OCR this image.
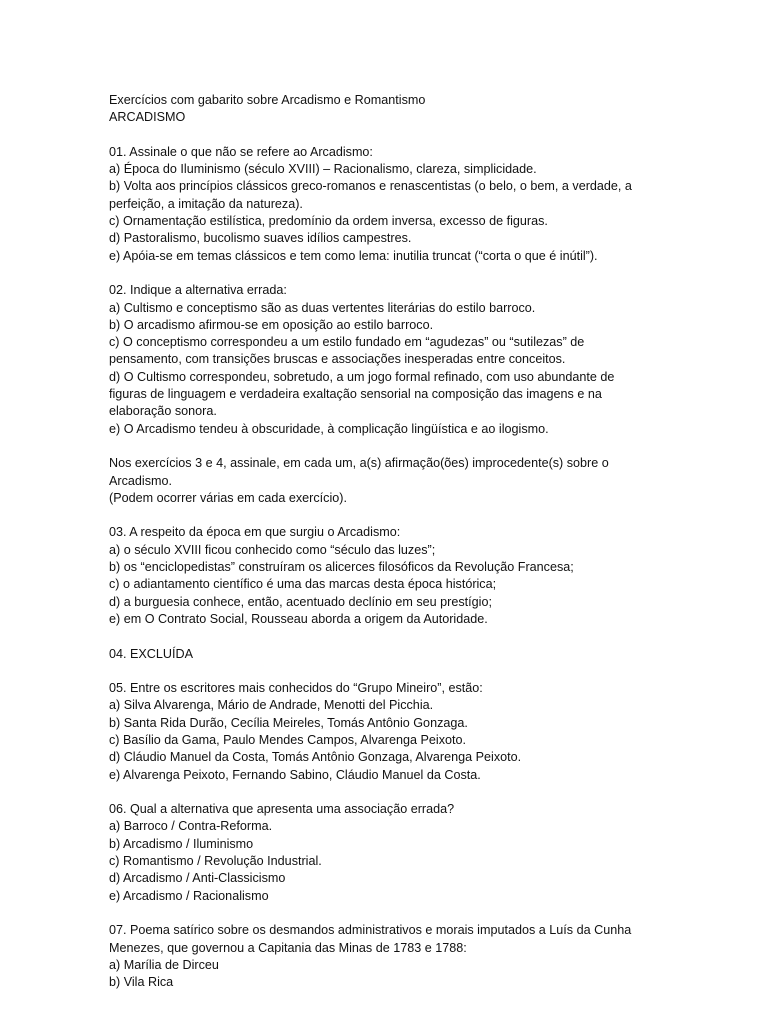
Exercícios com gabarito sobre Arcadismo e Romantismo
ARCADISMO
01. Assinale o que não se refere ao Arcadismo:
a) Época do Iluminismo (século XVIII) – Racionalismo, clareza, simplicidade.
b) Volta aos princípios clássicos greco-romanos e renascentistas (o belo, o bem, a verdade, a perfeição, a imitação da natureza).
c) Ornamentação estilística, predomínio da ordem inversa, excesso de figuras.
d) Pastoralismo, bucolismo suaves idílios campestres.
e) Apóia-se em temas clássicos e tem como lema: inutilia truncat (“corta o que é inútil”).
02. Indique a alternativa errada:
a) Cultismo e conceptismo são as duas vertentes literárias do estilo barroco.
b) O arcadismo afirmou-se em oposição ao estilo barroco.
c) O conceptismo correspondeu a um estilo fundado em “agudezas” ou “sutilezas” de pensamento, com transições bruscas e associações inesperadas entre conceitos.
d) O Cultismo correspondeu, sobretudo, a um jogo formal refinado, com uso abundante de figuras de linguagem e verdadeira exaltação sensorial na composição das imagens e na elaboração sonora.
e) O Arcadismo tendeu à obscuridade, à complicação lingüística e ao ilogismo.
Nos exercícios 3 e 4, assinale, em cada um, a(s) afirmação(ões) improcedente(s) sobre o Arcadismo.
(Podem ocorrer várias em cada exercício).
03. A respeito da época em que surgiu o Arcadismo:
a) o século XVIII ficou conhecido como “século das luzes”;
b) os “enciclopedistas” construíram os alicerces filosóficos da Revolução Francesa;
c) o adiantamento científico é uma das marcas desta época histórica;
d) a burguesia conhece, então, acentuado declínio em seu prestígio;
e) em O Contrato Social, Rousseau aborda a origem da Autoridade.
04. EXCLUÍDA
05. Entre os escritores mais conhecidos do “Grupo Mineiro”, estão:
a) Silva Alvarenga, Mário de Andrade, Menotti del Picchia.
b) Santa Rida Durão, Cecília Meireles, Tomás Antônio Gonzaga.
c) Basílio da Gama, Paulo Mendes Campos, Alvarenga Peixoto.
d) Cláudio Manuel da Costa, Tomás Antônio Gonzaga, Alvarenga Peixoto.
e) Alvarenga Peixoto, Fernando Sabino, Cláudio Manuel da Costa.
06. Qual a alternativa que apresenta uma associação errada?
a) Barroco / Contra-Reforma.
b) Arcadismo / Iluminismo
c) Romantismo / Revolução Industrial.
d) Arcadismo / Anti-Classicismo
e) Arcadismo / Racionalismo
07. Poema satírico sobre os desmandos administrativos e morais imputados a Luís da Cunha Menezes, que governou a Capitania das Minas de 1783 e 1788:
a) Marília de Dirceu
b) Vila Rica
